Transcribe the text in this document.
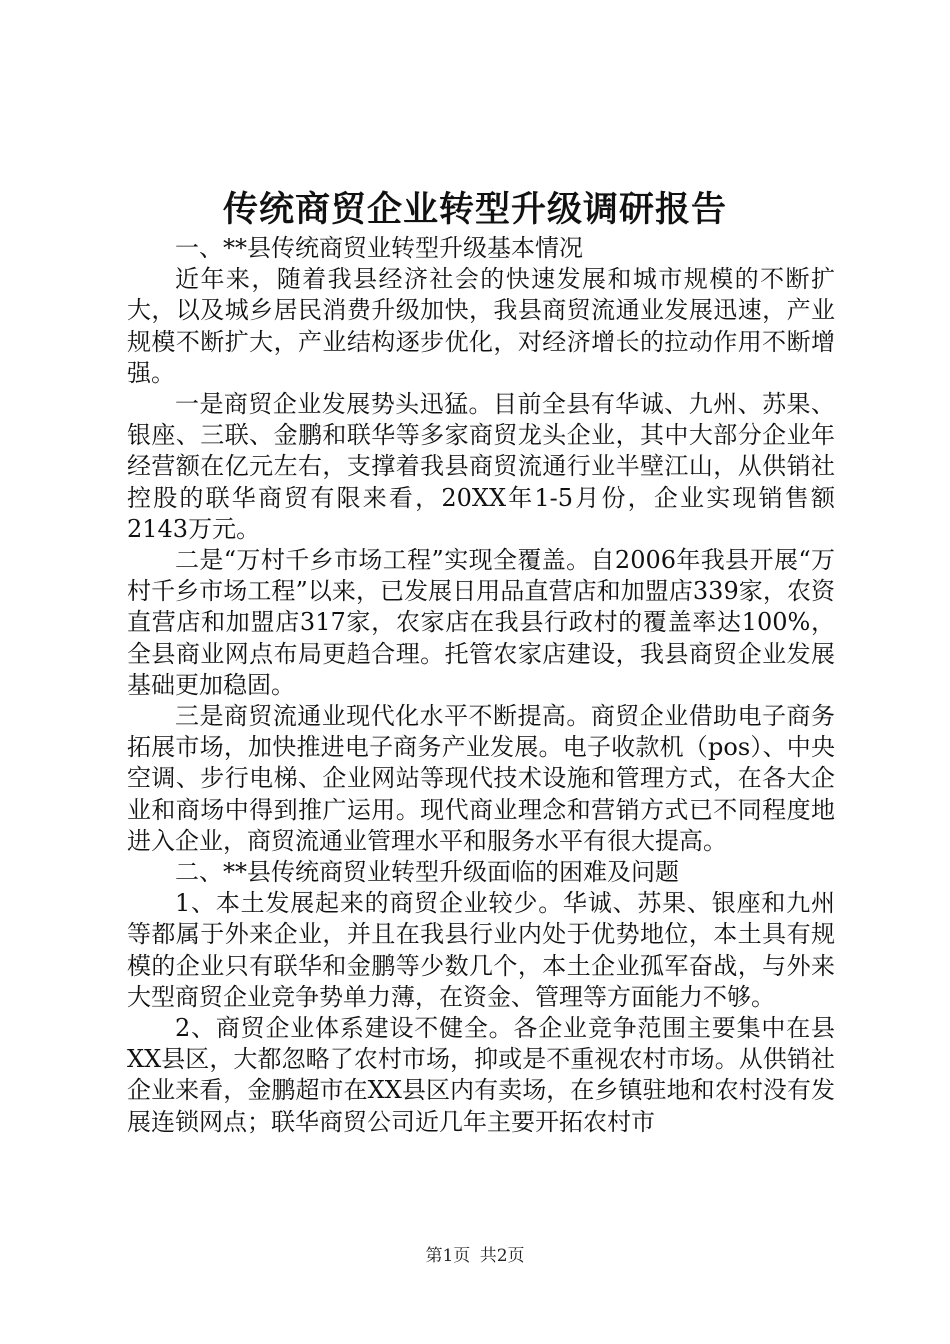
传统商贸企业转型升级调研报告

一、**县传统商贸业转型升级基本情况

近年来，随着我县经济社会的快速发展和城市规模的不断扩大，以及城乡居民消费升级加快，我县商贸流通业发展迅速，产业规模不断扩大，产业结构逐步优化，对经济增长的拉动作用不断增强。

一是商贸企业发展势头迅猛。目前全县有华诚、九州、苏果、银座、三联、金鹏和联华等多家商贸龙头企业，其中大部分企业年经营额在亿元左右，支撑着我县商贸流通行业半壁江山，从供销社控股的联华商贸有限来看，20XX年1-5月份，企业实现销售额2143万元。

二是“万村千乡市场工程”实现全覆盖。自2006年我县开展“万村千乡市场工程”以来，已发展日用品直营店和加盟店339家，农资直营店和加盟店317家，农家店在我县行政村的覆盖率达100%，全县商业网点布局更趋合理。托管农家店建设，我县商贸企业发展基础更加稳固。

三是商贸流通业现代化水平不断提高。商贸企业借助电子商务拓展市场，加快推进电子商务产业发展。电子收款机（pos）、中央空调、步行电梯、企业网站等现代技术设施和管理方式，在各大企业和商场中得到推广运用。现代商业理念和营销方式已不同程度地进入企业，商贸流通业管理水平和服务水平有很大提高。

二、**县传统商贸业转型升级面临的困难及问题

1、本土发展起来的商贸企业较少。华诚、苏果、银座和九州等都属于外来企业，并且在我县行业内处于优势地位，本土具有规模的企业只有联华和金鹏等少数几个，本土企业孤军奋战，与外来大型商贸企业竞争势单力薄，在资金、管理等方面能力不够。

2、商贸企业体系建设不健全。各企业竞争范围主要集中在县XX县区，大都忽略了农村市场，抑或是不重视农村市场。从供销社企业来看，金鹏超市在XX县区内有卖场，在乡镇驻地和农村没有发展连锁网点；联华商贸公司近几年主要开拓农村市

第1页 共2页
